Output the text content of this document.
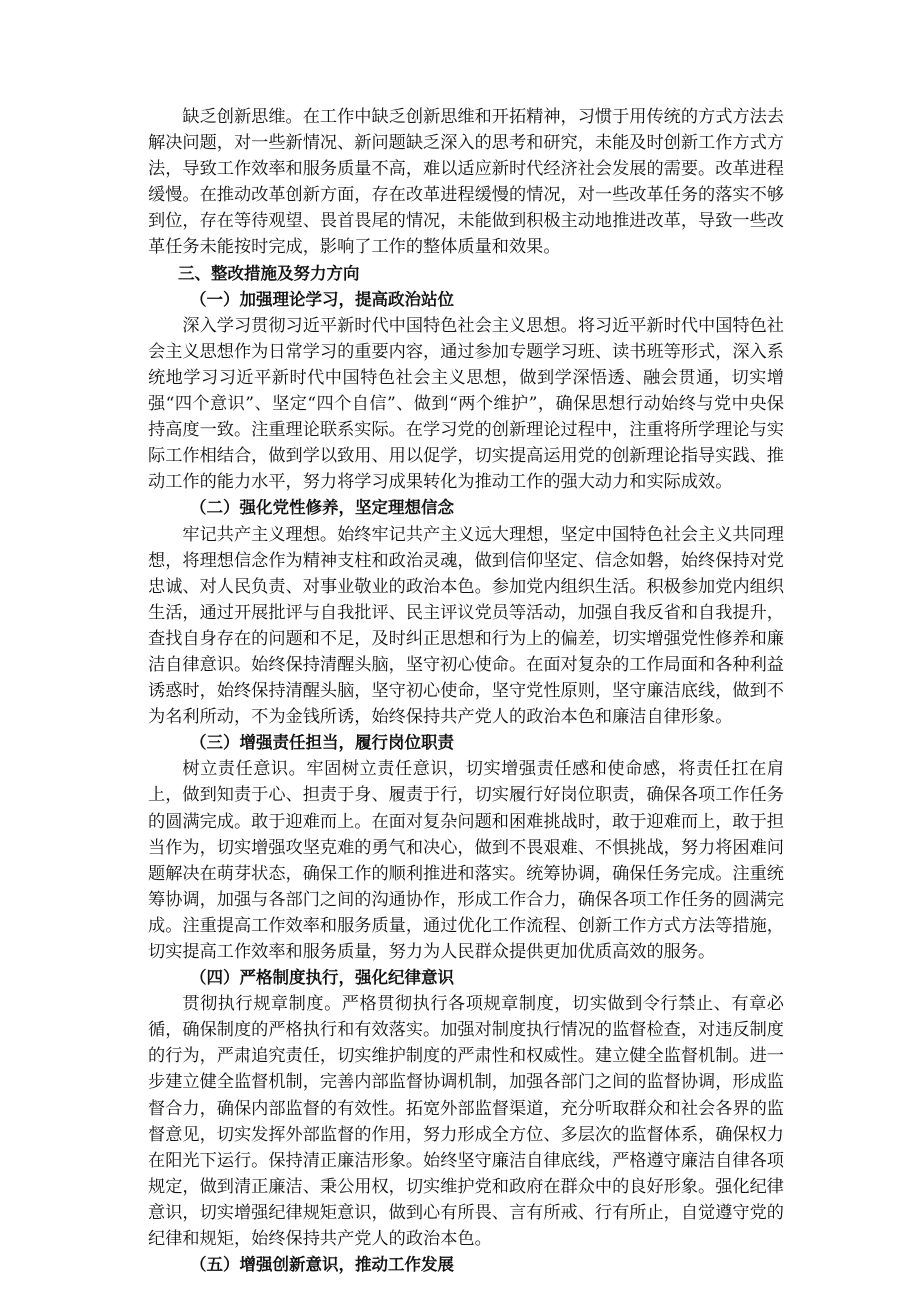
缺乏创新思维。在工作中缺乏创新思维和开拓精神，习惯于用传统的方式方法去解决问题，对一些新情况、新问题缺乏深入的思考和研究，未能及时创新工作方式方法，导致工作效率和服务质量不高，难以适应新时代经济社会发展的需要。改革进程缓慢。在推动改革创新方面，存在改革进程缓慢的情况，对一些改革任务的落实不够到位，存在等待观望、畏首畏尾的情况，未能做到积极主动地推进改革，导致一些改革任务未能按时完成，影响了工作的整体质量和效果。

三、整改措施及努力方向

（一）加强理论学习，提高政治站位

深入学习贯彻习近平新时代中国特色社会主义思想。将习近平新时代中国特色社会主义思想作为日常学习的重要内容，通过参加专题学习班、读书班等形式，深入系统地学习习近平新时代中国特色社会主义思想，做到学深悟透、融会贯通，切实增强“四个意识”、坚定“四个自信”、做到“两个维护”，确保思想行动始终与党中央保持高度一致。注重理论联系实际。在学习党的创新理论过程中，注重将所学理论与实际工作相结合，做到学以致用、用以促学，切实提高运用党的创新理论指导实践、推动工作的能力水平，努力将学习成果转化为推动工作的强大动力和实际成效。

（二）强化党性修养，坚定理想信念

牢记共产主义理想。始终牢记共产主义远大理想，坚定中国特色社会主义共同理想，将理想信念作为精神支柱和政治灵魂，做到信仰坚定、信念如磐，始终保持对党忠诚、对人民负责、对事业敬业的政治本色。参加党内组织生活。积极参加党内组织生活，通过开展批评与自我批评、民主评议党员等活动，加强自我反省和自我提升，查找自身存在的问题和不足，及时纠正思想和行为上的偏差，切实增强党性修养和廉洁自律意识。始终保持清醒头脑，坚守初心使命。在面对复杂的工作局面和各种利益诱惑时，始终保持清醒头脑，坚守初心使命，坚守党性原则，坚守廉洁底线，做到不为名利所动，不为金钱所诱，始终保持共产党人的政治本色和廉洁自律形象。

（三）增强责任担当，履行岗位职责

树立责任意识。牢固树立责任意识，切实增强责任感和使命感，将责任扛在肩上，做到知责于心、担责于身、履责于行，切实履行好岗位职责，确保各项工作任务的圆满完成。敢于迎难而上。在面对复杂问题和困难挑战时，敢于迎难而上，敢于担当作为，切实增强攻坚克难的勇气和决心，做到不畏艰难、不惧挑战，努力将困难问题解决在萌芽状态，确保工作的顺利推进和落实。统筹协调，确保任务完成。注重统筹协调，加强与各部门之间的沟通协作，形成工作合力，确保各项工作任务的圆满完成。注重提高工作效率和服务质量，通过优化工作流程、创新工作方式方法等措施，切实提高工作效率和服务质量，努力为人民群众提供更加优质高效的服务。

（四）严格制度执行，强化纪律意识

贯彻执行规章制度。严格贯彻执行各项规章制度，切实做到令行禁止、有章必循，确保制度的严格执行和有效落实。加强对制度执行情况的监督检查，对违反制度的行为，严肃追究责任，切实维护制度的严肃性和权威性。建立健全监督机制。进一步建立健全监督机制，完善内部监督协调机制，加强各部门之间的监督协调，形成监督合力，确保内部监督的有效性。拓宽外部监督渠道，充分听取群众和社会各界的监督意见，切实发挥外部监督的作用，努力形成全方位、多层次的监督体系，确保权力在阳光下运行。保持清正廉洁形象。始终坚守廉洁自律底线，严格遵守廉洁自律各项规定，做到清正廉洁、秉公用权，切实维护党和政府在群众中的良好形象。强化纪律意识，切实增强纪律规矩意识，做到心有所畏、言有所戒、行有所止，自觉遵守党的纪律和规矩，始终保持共产党人的政治本色。

（五）增强创新意识，推动工作发展
